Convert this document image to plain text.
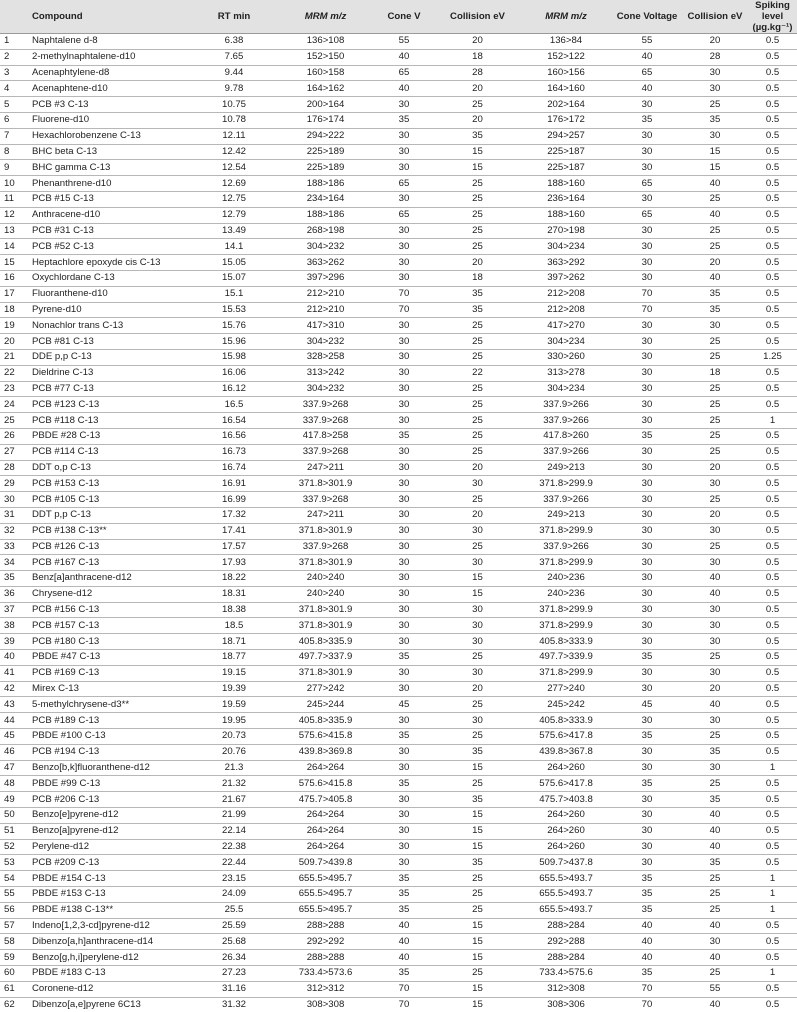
	Compound	RT min	MRM m/z	Cone V	Collision eV	MRM m/z	Cone Voltage	Collision eV	Spiking level (µg.kg⁻¹)
1	Naphtalene d-8	6.38	136>108	55	20	136>84	55	20	0.5
2	2-methylnaphtalene-d10	7.65	152>150	40	18	152>122	40	28	0.5
3	Acenaphtylene-d8	9.44	160>158	65	28	160>156	65	30	0.5
4	Acenaphtene-d10	9.78	164>162	40	20	164>160	40	30	0.5
5	PCB #3 C-13	10.75	200>164	30	25	202>164	30	25	0.5
6	Fluorene-d10	10.78	176>174	35	20	176>172	35	35	0.5
7	Hexachlorobenzene C-13	12.11	294>222	30	35	294>257	30	30	0.5
8	BHC beta C-13	12.42	225>189	30	15	225>187	30	15	0.5
9	BHC gamma C-13	12.54	225>189	30	15	225>187	30	15	0.5
10	Phenanthrene-d10	12.69	188>186	65	25	188>160	65	40	0.5
11	PCB #15 C-13	12.75	234>164	30	25	236>164	30	25	0.5
12	Anthracene-d10	12.79	188>186	65	25	188>160	65	40	0.5
13	PCB #31 C-13	13.49	268>198	30	25	270>198	30	25	0.5
14	PCB #52 C-13	14.1	304>232	30	25	304>234	30	25	0.5
15	Heptachlore epoxyde cis C-13	15.05	363>262	30	20	363>292	30	20	0.5
16	Oxychlordane C-13	15.07	397>296	30	18	397>262	30	40	0.5
17	Fluoranthene-d10	15.1	212>210	70	35	212>208	70	35	0.5
18	Pyrene-d10	15.53	212>210	70	35	212>208	70	35	0.5
19	Nonachlor trans C-13	15.76	417>310	30	25	417>270	30	30	0.5
20	PCB #81 C-13	15.96	304>232	30	25	304>234	30	25	0.5
21	DDE p,p C-13	15.98	328>258	30	25	330>260	30	25	1.25
22	Dieldrine C-13	16.06	313>242	30	22	313>278	30	18	0.5
23	PCB #77 C-13	16.12	304>232	30	25	304>234	30	25	0.5
24	PCB #123 C-13	16.5	337.9>268	30	25	337.9>266	30	25	0.5
25	PCB #118 C-13	16.54	337.9>268	30	25	337.9>266	30	25	1
26	PBDE #28 C-13	16.56	417.8>258	35	25	417.8>260	35	25	0.5
27	PCB #114 C-13	16.73	337.9>268	30	25	337.9>266	30	25	0.5
28	DDT o,p C-13	16.74	247>211	30	20	249>213	30	20	0.5
29	PCB #153 C-13	16.91	371.8>301.9	30	30	371.8>299.9	30	30	0.5
30	PCB #105 C-13	16.99	337.9>268	30	25	337.9>266	30	25	0.5
31	DDT p,p C-13	17.32	247>211	30	20	249>213	30	20	0.5
32	PCB #138 C-13**	17.41	371.8>301.9	30	30	371.8>299.9	30	30	0.5
33	PCB #126 C-13	17.57	337.9>268	30	25	337.9>266	30	25	0.5
34	PCB #167 C-13	17.93	371.8>301.9	30	30	371.8>299.9	30	30	0.5
35	Benz[a]anthracene-d12	18.22	240>240	30	15	240>236	30	40	0.5
36	Chrysene-d12	18.31	240>240	30	15	240>236	30	40	0.5
37	PCB #156 C-13	18.38	371.8>301.9	30	30	371.8>299.9	30	30	0.5
38	PCB #157 C-13	18.5	371.8>301.9	30	30	371.8>299.9	30	30	0.5
39	PCB #180 C-13	18.71	405.8>335.9	30	30	405.8>333.9	30	30	0.5
40	PBDE #47 C-13	18.77	497.7>337.9	35	25	497.7>339.9	35	25	0.5
41	PCB #169 C-13	19.15	371.8>301.9	30	30	371.8>299.9	30	30	0.5
42	Mirex C-13	19.39	277>242	30	20	277>240	30	20	0.5
43	5-methylchrysene-d3**	19.59	245>244	45	25	245>242	45	40	0.5
44	PCB #189 C-13	19.95	405.8>335.9	30	30	405.8>333.9	30	30	0.5
45	PBDE #100 C-13	20.73	575.6>415.8	35	25	575.6>417.8	35	25	0.5
46	PCB #194 C-13	20.76	439.8>369.8	30	35	439.8>367.8	30	35	0.5
47	Benzo[b,k]fluoranthene-d12	21.3	264>264	30	15	264>260	30	30	1
48	PBDE #99 C-13	21.32	575.6>415.8	35	25	575.6>417.8	35	25	0.5
49	PCB #206 C-13	21.67	475.7>405.8	30	35	475.7>403.8	30	35	0.5
50	Benzo[e]pyrene-d12	21.99	264>264	30	15	264>260	30	40	0.5
51	Benzo[a]pyrene-d12	22.14	264>264	30	15	264>260	30	40	0.5
52	Perylene-d12	22.38	264>264	30	15	264>260	30	40	0.5
53	PCB #209 C-13	22.44	509.7>439.8	30	35	509.7>437.8	30	35	0.5
54	PBDE #154 C-13	23.15	655.5>495.7	35	25	655.5>493.7	35	25	1
55	PBDE #153 C-13	24.09	655.5>495.7	35	25	655.5>493.7	35	25	1
56	PBDE #138 C-13**	25.5	655.5>495.7	35	25	655.5>493.7	35	25	1
57	Indeno[1,2,3-cd]pyrene-d12	25.59	288>288	40	15	288>284	40	40	0.5
58	Dibenzo[a,h]anthracene-d14	25.68	292>292	40	15	292>288	40	30	0.5
59	Benzo[g,h,i]perylene-d12	26.34	288>288	40	15	288>284	40	40	0.5
60	PBDE #183 C-13	27.23	733.4>573.6	35	25	733.4>575.6	35	25	1
61	Coronene-d12	31.16	312>312	70	15	312>308	70	55	0.5
62	Dibenzo[a,e]pyrene 6C13	31.32	308>308	70	15	308>306	70	40	0.5
